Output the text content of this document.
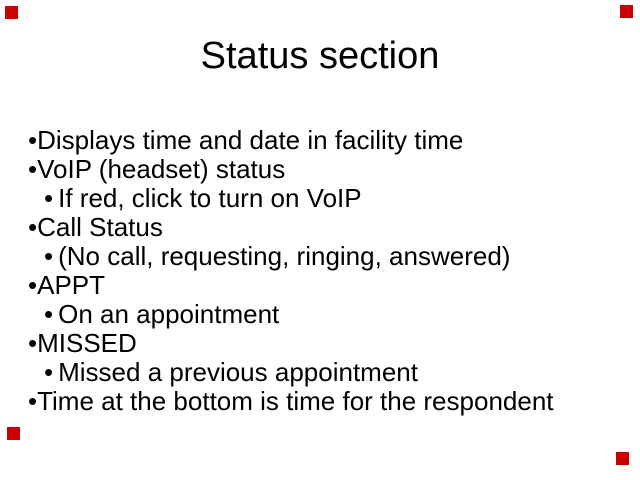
Status section
• Displays time and date in facility time
• VoIP (headset) status
• If red, click to turn on VoIP
• Call Status
• (No call, requesting, ringing, answered)
• APPT
• On an appointment
• MISSED
• Missed a previous appointment
• Time at the bottom is time for the respondent
